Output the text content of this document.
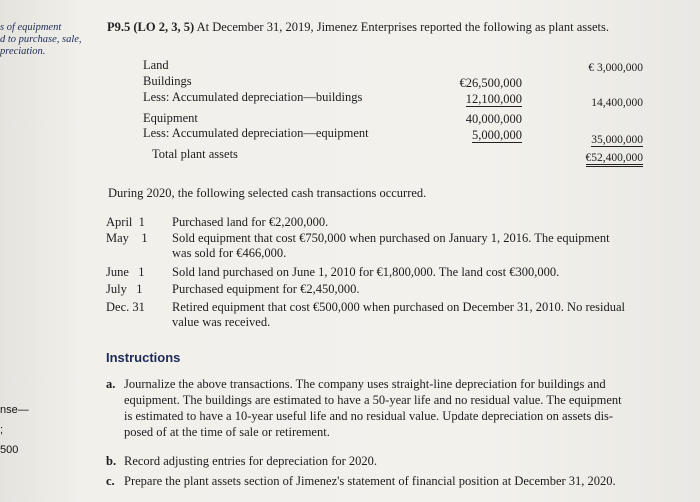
s of equipment
d to purchase, sale,
preciation.
nse—
;
500
P9.5 (LO 2, 3, 5) At December 31, 2019, Jimenez Enterprises reported the following as plant assets.
Land	€ 3,000,000
Buildings	€26,500,000
Less: Accumulated depreciation—buildings	12,100,000	14,400,000
Equipment	40,000,000
Less: Accumulated depreciation—equipment	5,000,000	35,000,000
Total plant assets	€52,400,000
During 2020, the following selected cash transactions occurred.
April  1	Purchased land for €2,200,000.
May    1	Sold equipment that cost €750,000 when purchased on January 1, 2016. The equipment
was sold for €466,000.
June   1	Sold land purchased on June 1, 2010 for €1,800,000. The land cost €300,000.
July   1	Purchased equipment for €2,450,000.
Dec. 31	Retired equipment that cost €500,000 when purchased on December 31, 2010. No residual
value was received.
Instructions
a. Journalize the above transactions. The company uses straight-line depreciation for buildings and
equipment. The buildings are estimated to have a 50-year life and no residual value. The equipment
is estimated to have a 10-year useful life and no residual value. Update depreciation on assets dis-
posed of at the time of sale or retirement.
b. Record adjusting entries for depreciation for 2020.
c. Prepare the plant assets section of Jimenez's statement of financial position at December 31, 2020.
